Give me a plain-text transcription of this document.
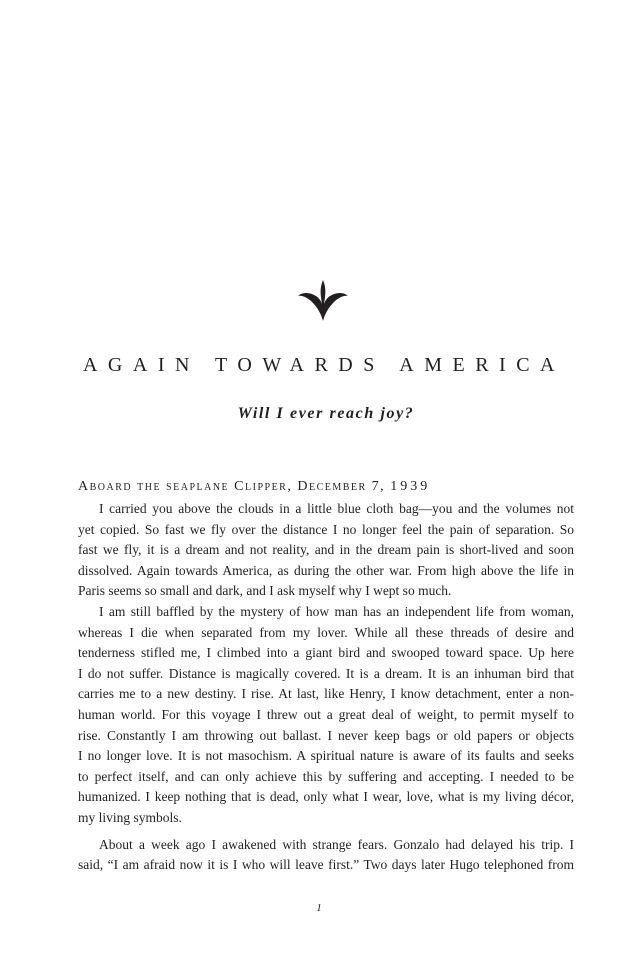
AGAIN TOWARDS AMERICA
Will I ever reach joy?
Aboard the seaplane Clipper, December 7, 1939
I carried you above the clouds in a little blue cloth bag—you and the volumes not
yet copied. So fast we fly over the distance I no longer feel the pain of separation. So
fast we fly, it is a dream and not reality, and in the dream pain is short-lived and soon
dissolved. Again towards America, as during the other war. From high above the life in
Paris seems so small and dark, and I ask myself why I wept so much.
I am still baffled by the mystery of how man has an independent life from woman,
whereas I die when separated from my lover. While all these threads of desire and
tenderness stifled me, I climbed into a giant bird and swooped toward space. Up here
I do not suffer. Distance is magically covered. It is a dream. It is an inhuman bird that
carries me to a new destiny. I rise. At last, like Henry, I know detachment, enter a non-
human world. For this voyage I threw out a great deal of weight, to permit myself to
rise. Constantly I am throwing out ballast. I never keep bags or old papers or objects
I no longer love. It is not masochism. A spiritual nature is aware of its faults and seeks
to perfect itself, and can only achieve this by suffering and accepting. I needed to be
humanized. I keep nothing that is dead, only what I wear, love, what is my living décor,
my living symbols.
About a week ago I awakened with strange fears. Gonzalo had delayed his trip. I
said, “I am afraid now it is I who will leave first.” Two days later Hugo telephoned from
1
